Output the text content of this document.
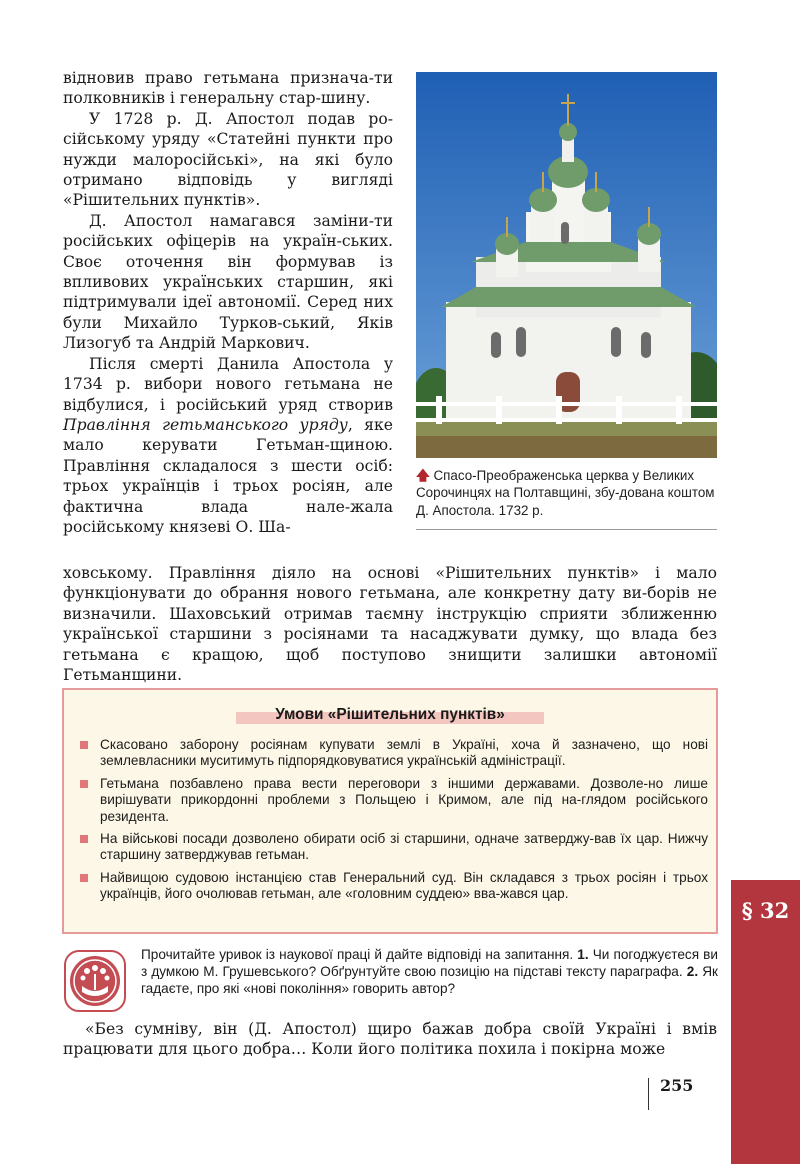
відновив право гетьмана признача-ти полковників і генеральну стар-шину.

У 1728 р. Д. Апостол подав ро-сійському уряду «Статейні пункти про нужди малоросійські», на які було отримано відповідь у вигляді «Рішительних пунктів».

Д. Апостол намагався заміни-ти російських офіцерів на україн-ських. Своє оточення він формував із впливових українських старшин, які підтримували ідеї автономії. Серед них були Михайло Турков-ський, Яків Лизогуб та Андрій Маркович.

Після смерті Данила Апостола у 1734 р. вибори нового гетьмана не відбулися, і російський уряд створив Правління гетьманського уряду, яке мало керувати Гетьман-щиною. Правління складалося з шести осіб: трьох українців і трьох росіян, але фактична влада нале-жала російському князеві О. Ша-

🡅 Спасо-Преображенська церква у Великих Сорочинцях на Полтавщині, збу-дована коштом Д. Апостола. 1732 р.

ховському. Правління діяло на основі «Рішительних пунктів» і мало функціонувати до обрання нового гетьмана, але конкретну дату ви-борів не визначили. Шаховський отримав таємну інструкцію сприяти зближенню української старшини з росіянами та насаджувати думку, що влада без гетьмана є кращою, щоб поступово знищити залишки автономії Гетьманщини.

Умови «Рішительних пунктів»
Скасовано заборону росіянам купувати землі в Україні, хоча й зазначено, що нові землевласники муситимуть підпорядковуватися українській адміністрації.
Гетьмана позбавлено права вести переговори з іншими державами. Дозволе-но лише вирішувати прикордонні проблеми з Польщею і Кримом, але під на-глядом російського резидента.
На військові посади дозволено обирати осіб зі старшини, одначе затверджу-вав їх цар. Нижчу старшину затверджував гетьман.
Найвищою судовою інстанцією став Генеральний суд. Він складався з трьох росіян і трьох українців, його очолював гетьман, але «головним суддею» вва-жався цар.
Прочитайте уривок із наукової праці й дайте відповіді на запитання. 1. Чи погоджуєтеся ви з думкою М. Грушевського? Обґрунтуйте свою позицію на підставі тексту параграфа. 2. Як гадаєте, про які «нові покоління» говорить автор?

«Без сумніву, він (Д. Апостол) щиро бажав добра своїй Україні і вмів працювати для цього добра… Коли його політика похила і покірна може

255
§ 32
